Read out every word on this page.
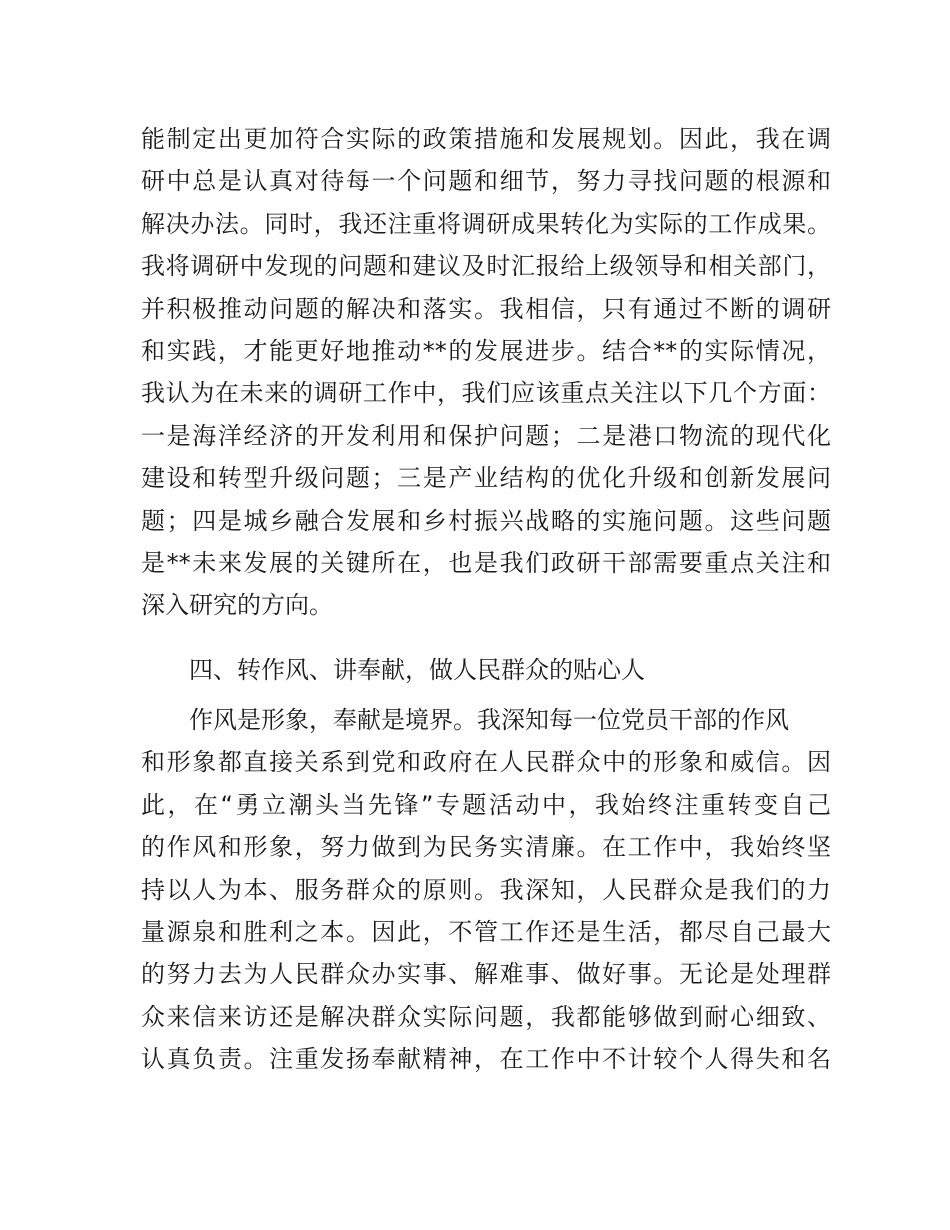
能制定出更加符合实际的政策措施和发展规划。因此，我在调
研中总是认真对待每一个问题和细节，努力寻找问题的根源和
解决办法。同时，我还注重将调研成果转化为实际的工作成果。
我将调研中发现的问题和建议及时汇报给上级领导和相关部门，
并积极推动问题的解决和落实。我相信，只有通过不断的调研
和实践，才能更好地推动**的发展进步。结合**的实际情况，
我认为在未来的调研工作中，我们应该重点关注以下几个方面：
一是海洋经济的开发利用和保护问题；二是港口物流的现代化
建设和转型升级问题；三是产业结构的优化升级和创新发展问
题；四是城乡融合发展和乡村振兴战略的实施问题。这些问题
是**未来发展的关键所在，也是我们政研干部需要重点关注和
深入研究的方向。
四、转作风、讲奉献，做人民群众的贴心人
作风是形象，奉献是境界。我深知每一位党员干部的作风
和形象都直接关系到党和政府在人民群众中的形象和威信。因
此，在“勇立潮头当先锋”专题活动中，我始终注重转变自己
的作风和形象，努力做到为民务实清廉。在工作中，我始终坚
持以人为本、服务群众的原则。我深知，人民群众是我们的力
量源泉和胜利之本。因此，不管工作还是生活，都尽自己最大
的努力去为人民群众办实事、解难事、做好事。无论是处理群
众来信来访还是解决群众实际问题，我都能够做到耐心细致、
认真负责。注重发扬奉献精神，在工作中不计较个人得失和名
